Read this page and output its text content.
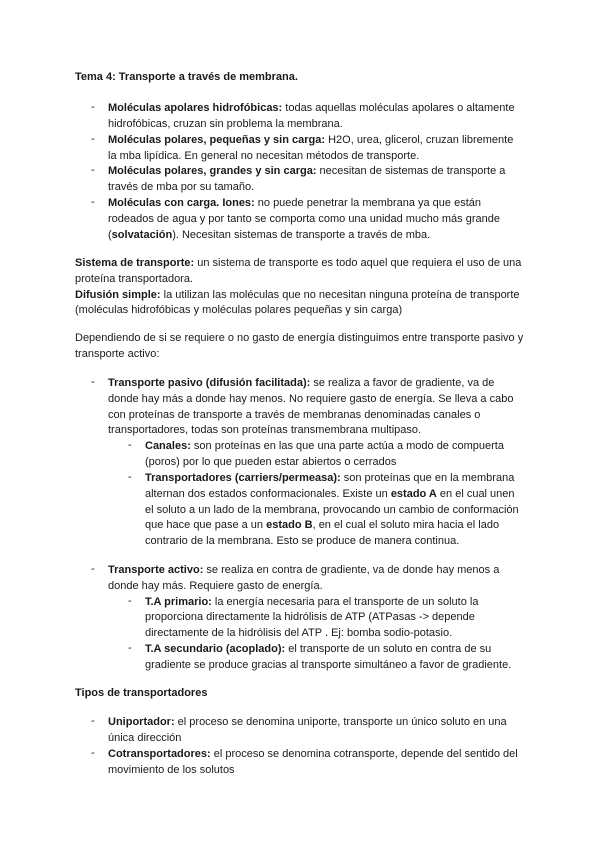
Tema 4: Transporte a través de membrana.
- Moléculas apolares hidrofóbicas: todas aquellas moléculas apolares o altamente
hidrofóbicas, cruzan sin problema la membrana.
- Moléculas polares, pequeñas y sin carga: H2O, urea, glicerol, cruzan libremente
la mba lipídica. En general no necesitan métodos de transporte.
- Moléculas polares, grandes y sin carga: necesitan de sistemas de transporte a
través de mba por su tamaño.
- Moléculas con carga. Iones: no puede penetrar la membrana ya que están
rodeados de agua y por tanto se comporta como una unidad mucho más grande
(solvatación). Necesitan sistemas de transporte a través de mba.
Sistema de transporte: un sistema de transporte es todo aquel que requiera el uso de una
proteína transportadora.
Difusión simple: la utilizan las moléculas que no necesitan ninguna proteína de transporte
(moléculas hidrofóbicas y moléculas polares pequeñas y sin carga)
Dependiendo de si se requiere o no gasto de energía distinguimos entre transporte pasivo y
transporte activo:
- Transporte pasivo (difusión facilitada): se realiza a favor de gradiente, va de
donde hay más a donde hay menos. No requiere gasto de energía. Se lleva a cabo
con proteínas de transporte a través de membranas denominadas canales o
transportadores, todas son proteínas transmembrana multipaso.
- Canales: son proteínas en las que una parte actúa a modo de compuerta
(poros) por lo que pueden estar abiertos o cerrados
- Transportadores (carriers/permeasa): son proteínas que en la membrana
alternan dos estados conformacionales. Existe un estado A en el cual unen
el soluto a un lado de la membrana, provocando un cambio de conformación
que hace que pase a un estado B, en el cual el soluto mira hacia el lado
contrario de la membrana. Esto se produce de manera continua.
- Transporte activo: se realiza en contra de gradiente, va de donde hay menos a
donde hay más. Requiere gasto de energía.
- T.A primario: la energía necesaria para el transporte de un soluto la
proporciona directamente la hidrólisis de ATP (ATPasas -> depende
directamente de la hidrólisis del ATP . Ej: bomba sodio-potasio.
- T.A secundario (acoplado): el transporte de un soluto en contra de su
gradiente se produce gracias al transporte simultáneo a favor de gradiente.
Tipos de transportadores
- Uniportador: el proceso se denomina uniporte, transporte un único soluto en una
única dirección
- Cotransportadores: el proceso se denomina cotransporte, depende del sentido del
movimiento de los solutos
